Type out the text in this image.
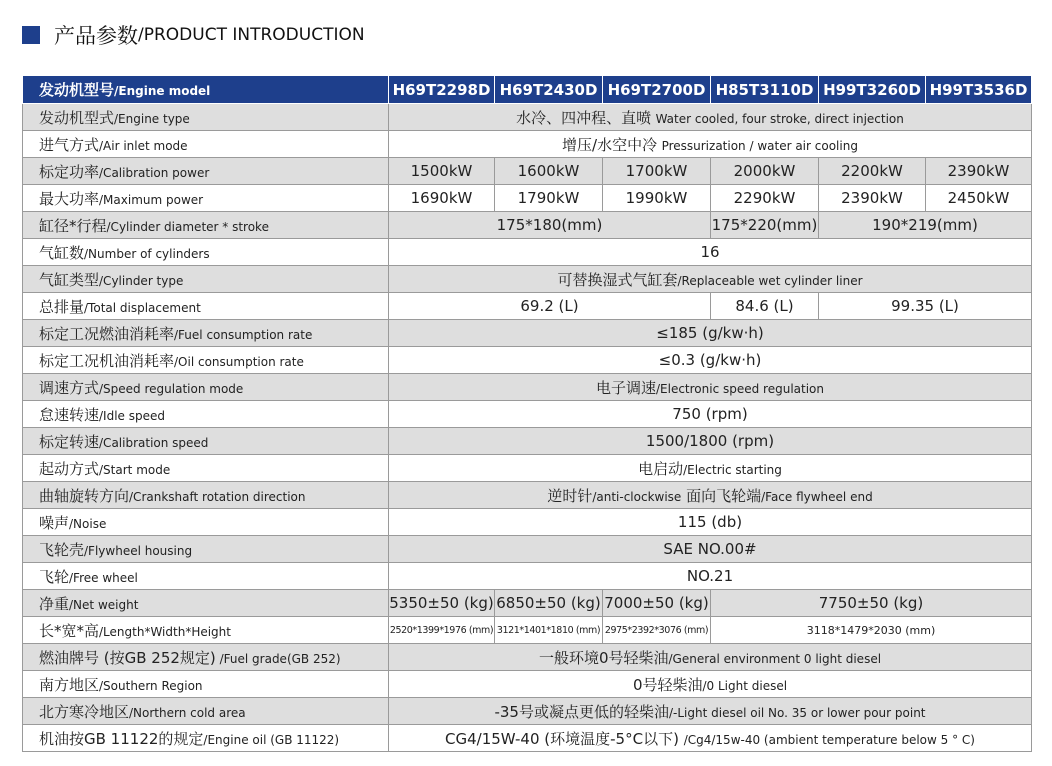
产品参数 /PRODUCT INTRODUCTION
发动机型号/Engine model	H69T2298D	H69T2430D	H69T2700D	H85T3110D	H99T3260D	H99T3536D
发动机型式/Engine type	水冷、四冲程、直喷 Water cooled, four stroke, direct injection					
进气方式/Air inlet mode	增压/水空中冷 Pressurization / water air cooling					
标定功率/Calibration power	1500kW	1600kW	1700kW	2000kW	2200kW	2390kW
最大功率/Maximum power	1690kW	1790kW	1990kW	2290kW	2390kW	2450kW
缸径*行程/Cylinder diameter * stroke	175*180(mm)			175*220(mm)	190*219(mm)	
气缸数/Number of cylinders	16					
气缸类型/Cylinder type	可替换湿式气缸套/Replaceable wet cylinder liner					
总排量/Total displacement	69.2 (L)			84.6 (L)	99.35 (L)	
标定工况燃油消耗率/Fuel consumption rate	≤185 (g/kw·h)					
标定工况机油消耗率/Oil consumption rate	≤0.3 (g/kw·h)					
调速方式/Speed regulation mode	电子调速/Electronic speed regulation					
怠速转速/Idle speed	750 (rpm)					
标定转速/Calibration speed	1500/1800 (rpm)					
起动方式/Start mode	电启动/Electric starting					
曲轴旋转方向/Crankshaft rotation direction	逆时针/anti-clockwise 面向飞轮端/Face flywheel end					
噪声/Noise	115 (db)					
飞轮壳/Flywheel housing	SAE NO.00#					
飞轮/Free wheel	NO.21					
净重/Net weight	5350±50 (kg)	6850±50 (kg)	7000±50 (kg)	7750±50 (kg)		
长*宽*高/Length*Width*Height	2520*1399*1976 (mm)	3121*1401*1810 (mm)	2975*2392*3076 (mm)	3118*1479*2030 (mm)		
燃油牌号 (按GB 252规定) /Fuel grade(GB 252)	一般环境0号轻柴油/General environment 0 light diesel					
南方地区/Southern Region	0号轻柴油/0 Light diesel					
北方寒冷地区/Northern cold area	-35号或凝点更低的轻柴油/-Light diesel oil No. 35 or lower pour point					
机油按GB 11122的规定/Engine oil (GB 11122)	CG4/15W-40 (环境温度-5°C以下) /Cg4/15w-40 (ambient temperature below 5 ° C)					
